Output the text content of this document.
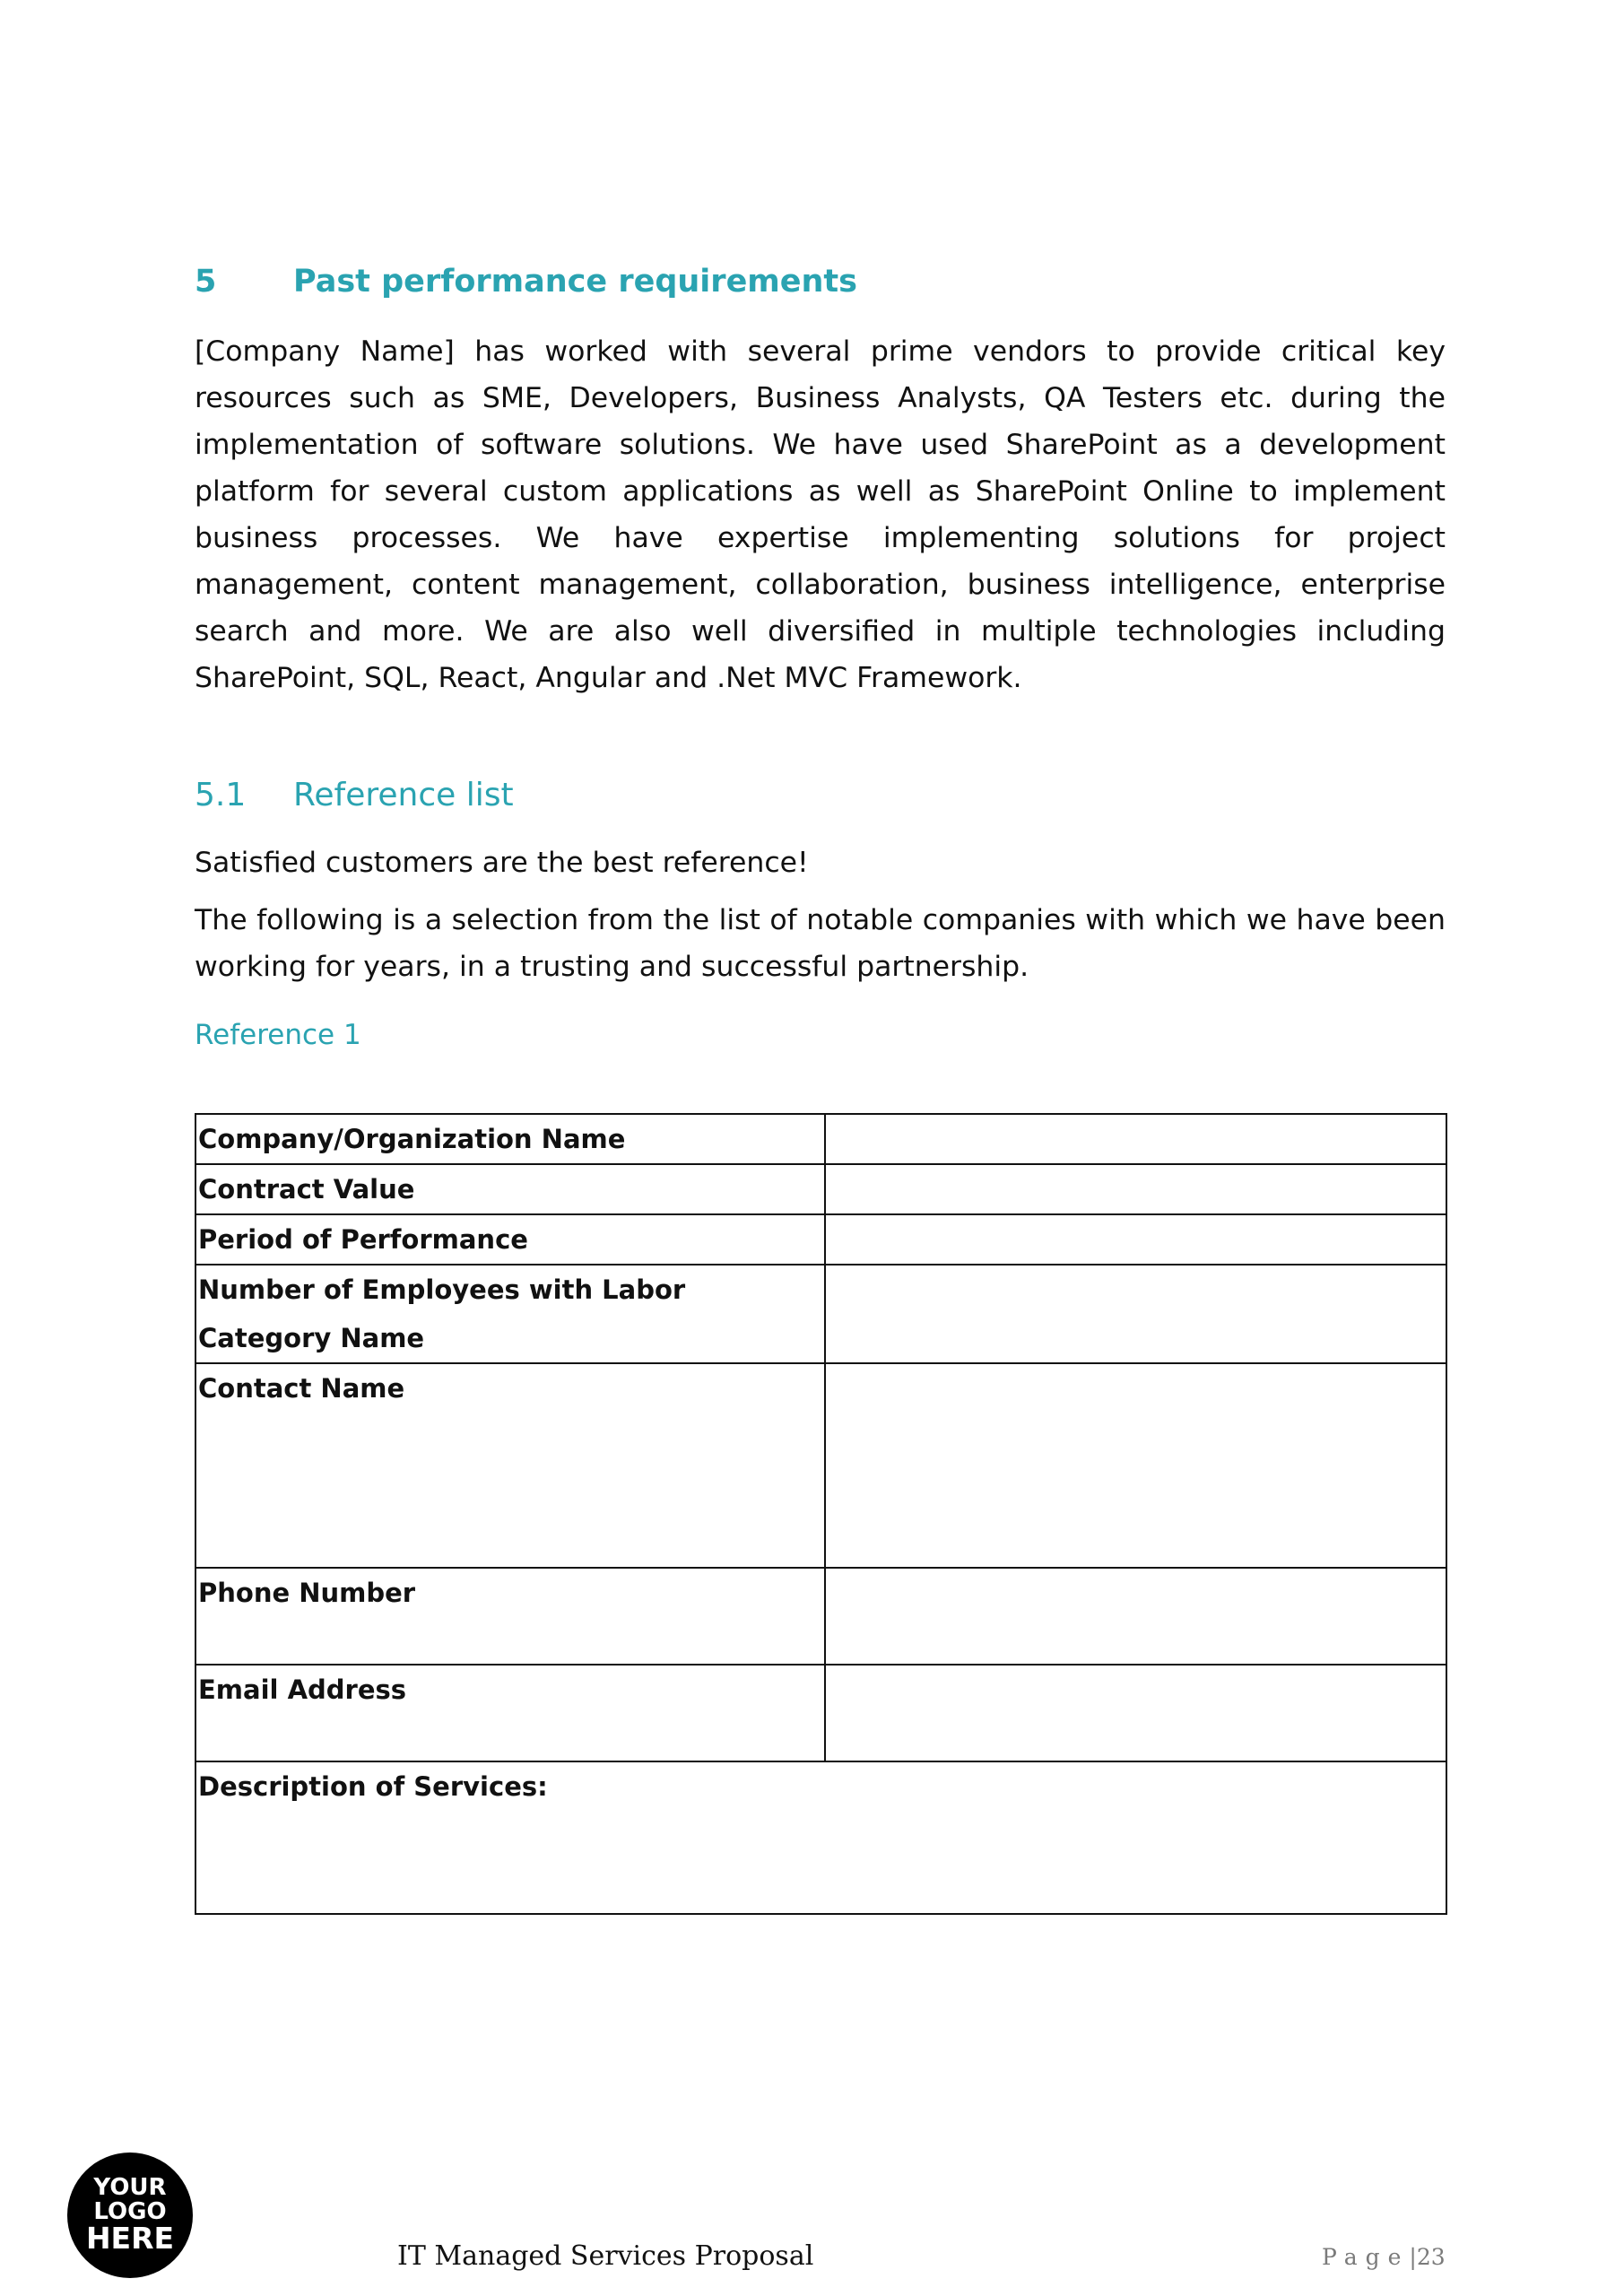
5 Past performance requirements
[Company Name] has worked with several prime vendors to provide critical key resources such as SME, Developers, Business Analysts, QA Testers etc. during the implementation of software solutions. We have used SharePoint as a development platform for several custom applications as well as SharePoint Online to implement business processes. We have expertise implementing solutions for project management, content management, collaboration, business intelligence, enterprise search and more. We are also well diversified in multiple technologies including SharePoint, SQL, React, Angular and .Net MVC Framework.
5.1 Reference list
Satisfied customers are the best reference!
The following is a selection from the list of notable companies with which we have been working for years, in a trusting and successful partnership.
Reference 1
Company/Organization Name	
Contract Value	
Period of Performance	
Number of Employees with Labor Category Name	
Contact Name	
Phone Number	
Email Address	
Description of Services:	
YOUR
LOGO
HERE
IT Managed Services Proposal	Page|23
